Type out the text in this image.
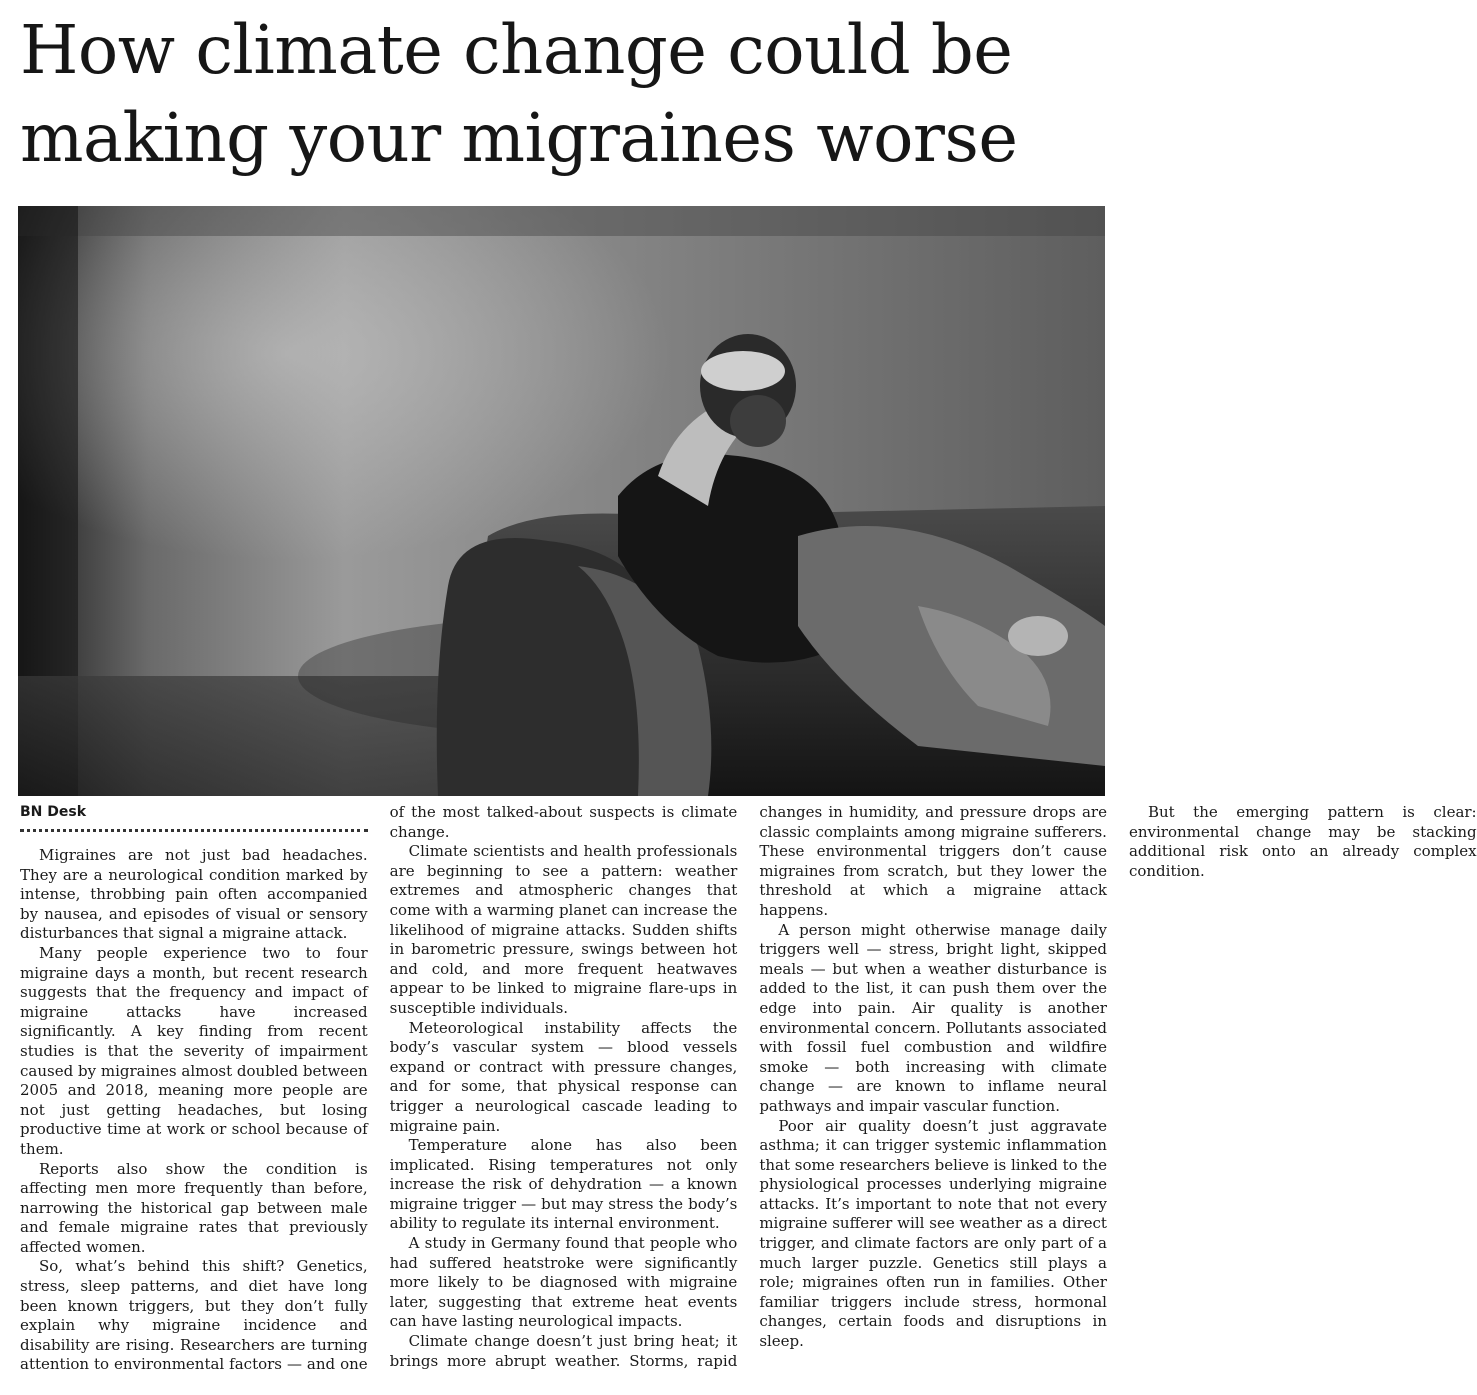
How climate change could be
making your migraines worse
BN Desk

Migraines are not just bad headaches. They are a neurological condition marked by intense, throbbing pain often accompanied by nausea, and episodes of visual or sensory disturbances that signal a migraine attack.

Many people experience two to four migraine days a month, but recent research suggests that the frequency and impact of migraine attacks have increased significantly. A key finding from recent studies is that the severity of impairment caused by migraines almost doubled between 2005 and 2018, meaning more people are not just getting headaches, but losing productive time at work or school because of them.

Reports also show the condition is affecting men more frequently than before, narrowing the historical gap between male and female migraine rates that previously affected women.

So, what’s behind this shift? Genetics, stress, sleep patterns, and diet have long been known triggers, but they don’t fully explain why migraine incidence and disability are rising. Researchers are turning attention to environmental factors — and one of the most talked-about suspects is climate change.

Climate scientists and health professionals are beginning to see a pattern: weather extremes and atmospheric changes that come with a warming planet can increase the likelihood of migraine attacks. Sudden shifts in barometric pressure, swings between hot and cold, and more frequent heatwaves appear to be linked to migraine flare-ups in susceptible individuals.

Meteorological instability affects the body’s vascular system — blood vessels expand or contract with pressure changes, and for some, that physical response can trigger a neurological cascade leading to migraine pain.

Temperature alone has also been implicated. Rising temperatures not only increase the risk of dehydration — a known migraine trigger — but may stress the body’s ability to regulate its internal environment.

A study in Germany found that people who had suffered heatstroke were significantly more likely to be diagnosed with migraine later, suggesting that extreme heat events can have lasting neurological impacts.

Climate change doesn’t just bring heat; it brings more abrupt weather. Storms, rapid changes in humidity, and pressure drops are classic complaints among migraine sufferers. These environmental triggers don’t cause migraines from scratch, but they lower the threshold at which a migraine attack happens.

A person might otherwise manage daily triggers well — stress, bright light, skipped meals — but when a weather disturbance is added to the list, it can push them over the edge into pain. Air quality is another environmental concern. Pollutants associated with fossil fuel combustion and wildfire smoke — both increasing with climate change — are known to inflame neural pathways and impair vascular function.

Poor air quality doesn’t just aggravate asthma; it can trigger systemic inflammation that some researchers believe is linked to the physiological processes underlying migraine attacks. It’s important to note that not every migraine sufferer will see weather as a direct trigger, and climate factors are only part of a much larger puzzle. Genetics still plays a role; migraines often run in families. Other familiar triggers include stress, hormonal changes, certain foods and disruptions in sleep.

But the emerging pattern is clear: environmental change may be stacking additional risk onto an already complex condition.
